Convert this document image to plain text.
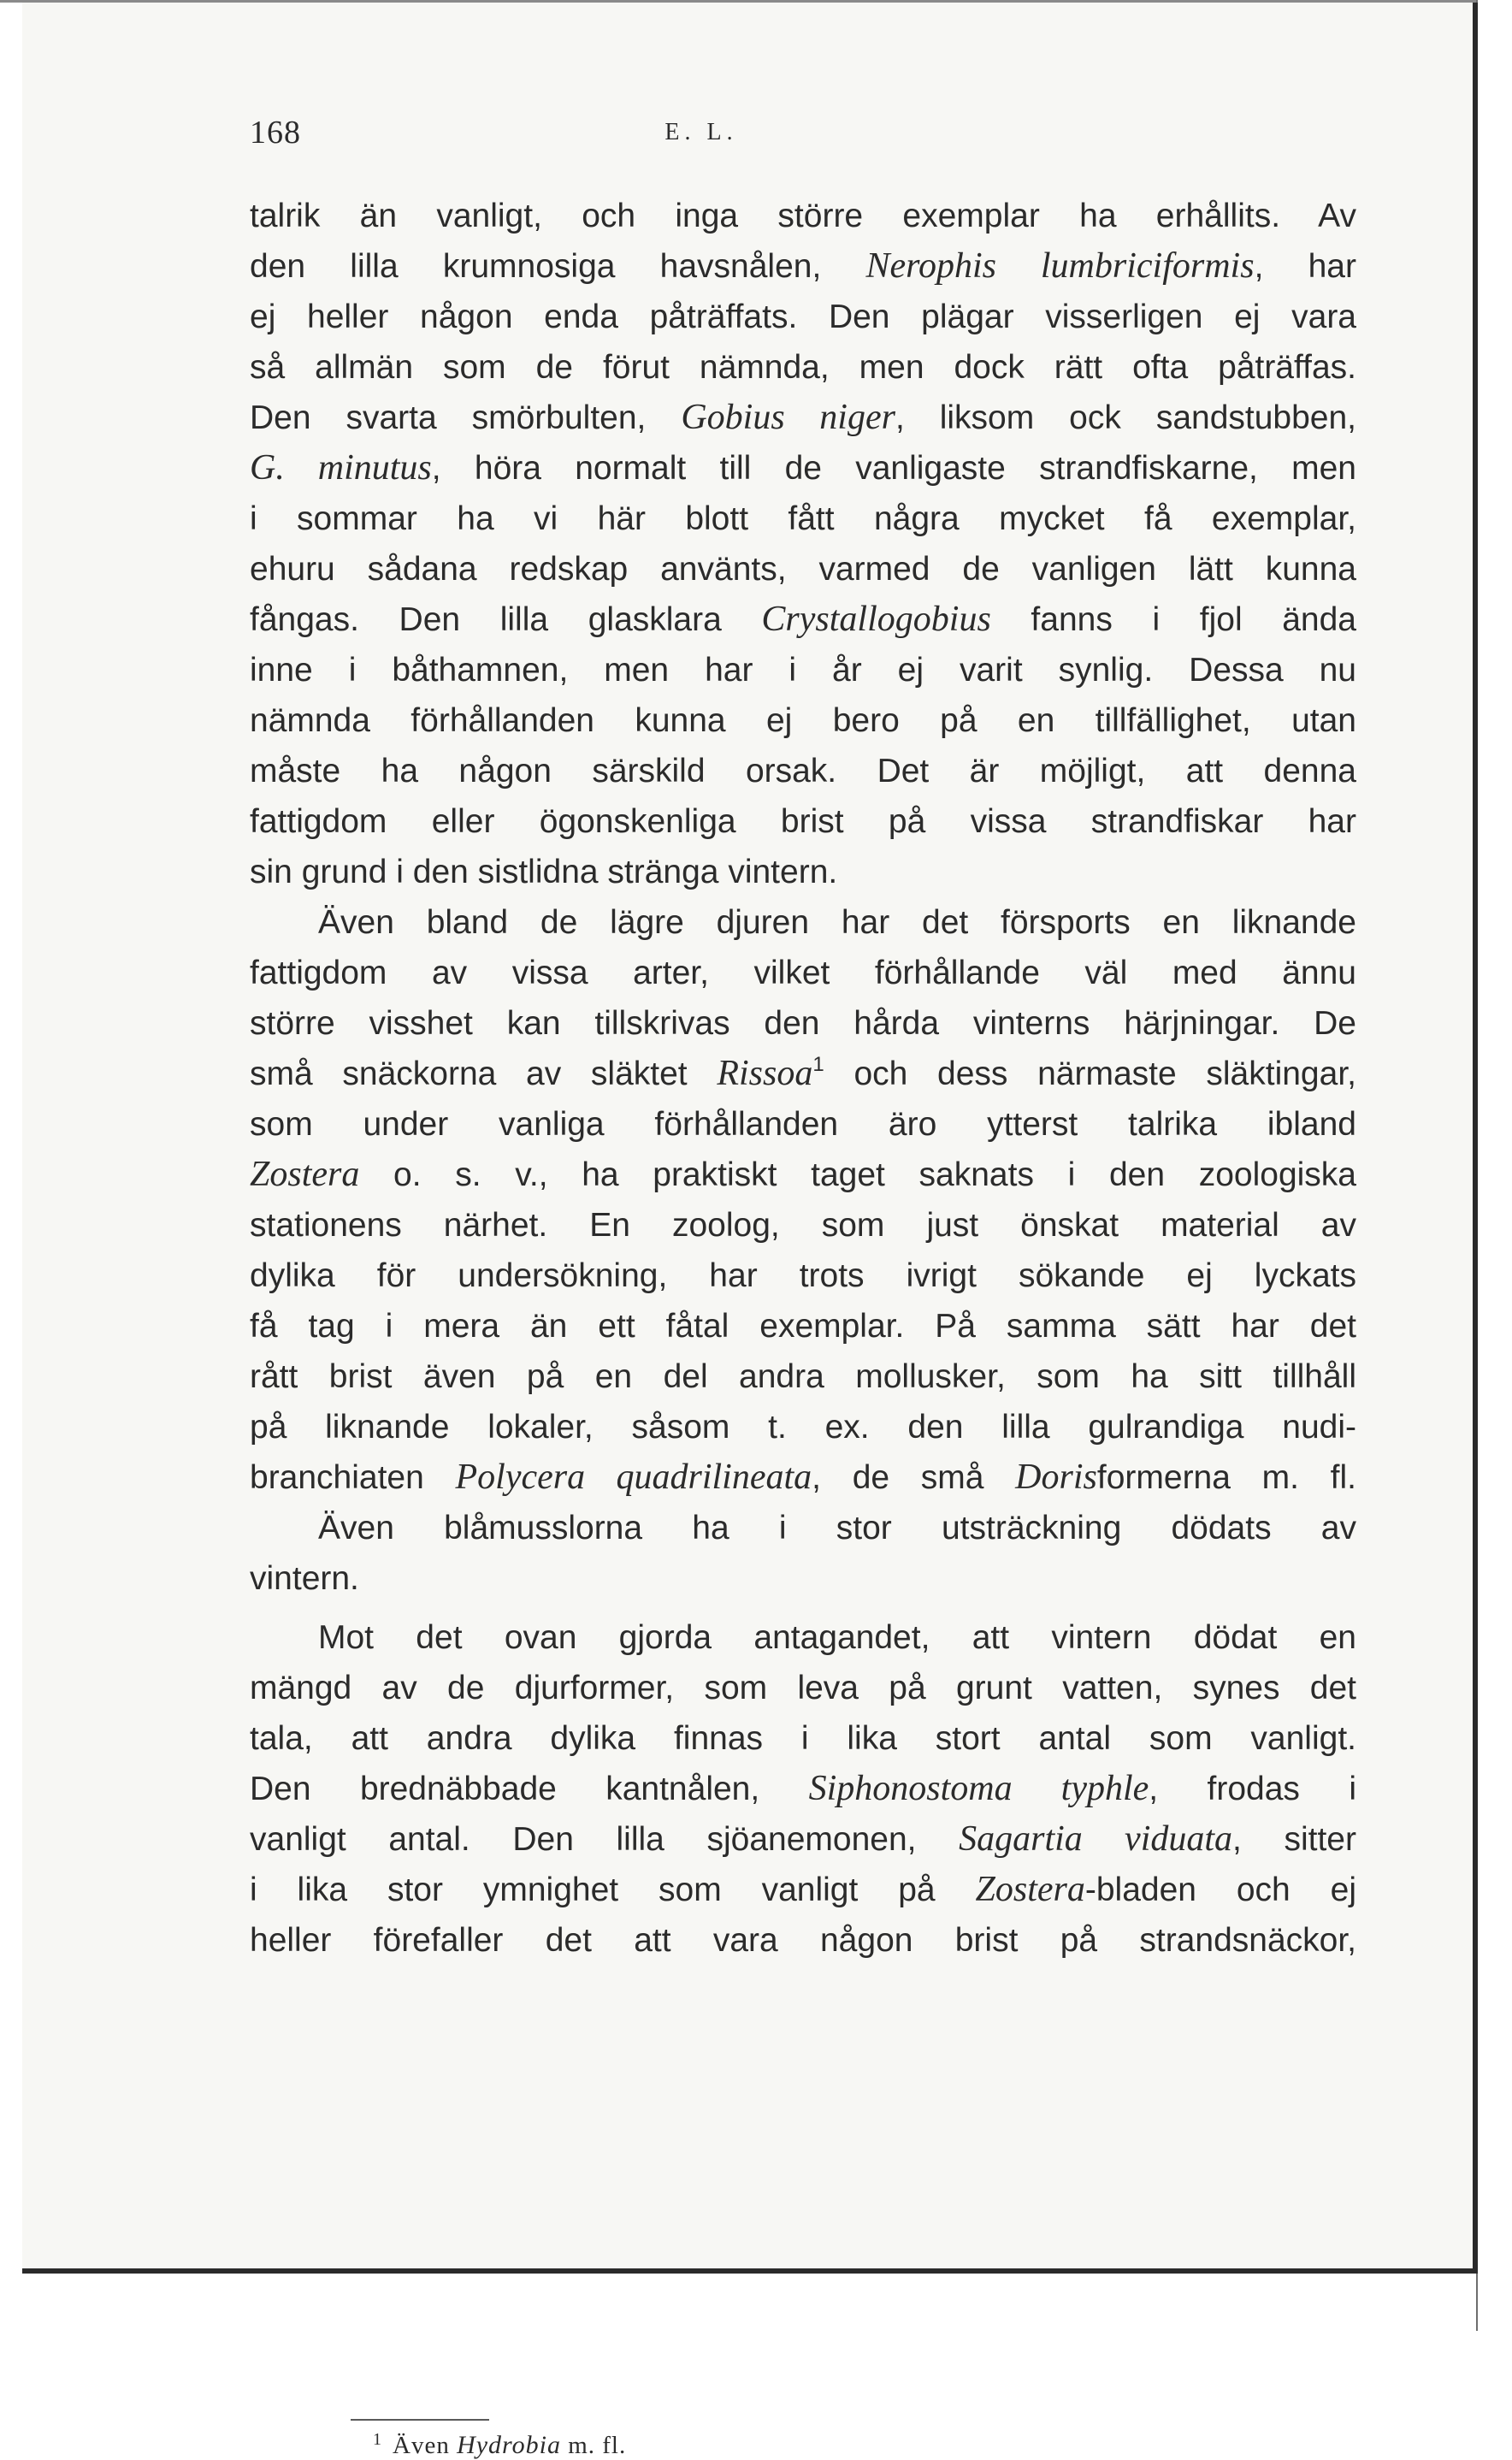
168	E. L.
talrik än vanligt, och inga större exemplar ha erhållits. Av
den lilla krumnosiga havsnålen, Nerophis lumbriciformis, har
ej heller någon enda påträffats. Den plägar visserligen ej vara
så allmän som de förut nämnda, men dock rätt ofta påträffas.
Den svarta smörbulten, Gobius niger, liksom ock sandstubben,
G. minutus, höra normalt till de vanligaste strandfiskarne, men
i sommar ha vi här blott fått några mycket få exemplar,
ehuru sådana redskap använts, varmed de vanligen lätt kunna
fångas. Den lilla glasklara Crystallogobius fanns i fjol ända
inne i båthamnen, men har i år ej varit synlig. Dessa nu
nämnda förhållanden kunna ej bero på en tillfällighet, utan
måste ha någon särskild orsak. Det är möjligt, att denna
fattigdom eller ögonskenliga brist på vissa strandfiskar har
sin grund i den sistlidna stränga vintern.
Även bland de lägre djuren har det försports en liknande
fattigdom av vissa arter, vilket förhållande väl med ännu
större visshet kan tillskrivas den hårda vinterns härjningar. De
små snäckorna av släktet Rissoa$^1$ och dess närmaste släktingar,
som under vanliga förhållanden äro ytterst talrika ibland
Zostera o. s. v., ha praktiskt taget saknats i den zoologiska
stationens närhet. En zoolog, som just önskat material av
dylika för undersökning, har trots ivrigt sökande ej lyckats
få tag i mera än ett fåtal exemplar. På samma sätt har det
rått brist även på en del andra mollusker, som ha sitt tillhåll
på liknande lokaler, såsom t. ex. den lilla gulrandiga nudi-
branchiaten Polycera quadrilineata, de små Dorisformerna m. fl.
Även blåmusslorna ha i stor utsträckning dödats av
vintern.
Mot det ovan gjorda antagandet, att vintern dödat en
mängd av de djurformer, som leva på grunt vatten, synes det
tala, att andra dylika finnas i lika stort antal som vanligt.
Den brednäbbade kantnålen, Siphonostoma typhle, frodas i
vanligt antal. Den lilla sjöanemonen, Sagartia viduata, sitter
i lika stor ymnighet som vanligt på Zostera-bladen och ej
heller förefaller det att vara någon brist på strandsnäckor,
$^1$ Även Hydrobia m. fl.
